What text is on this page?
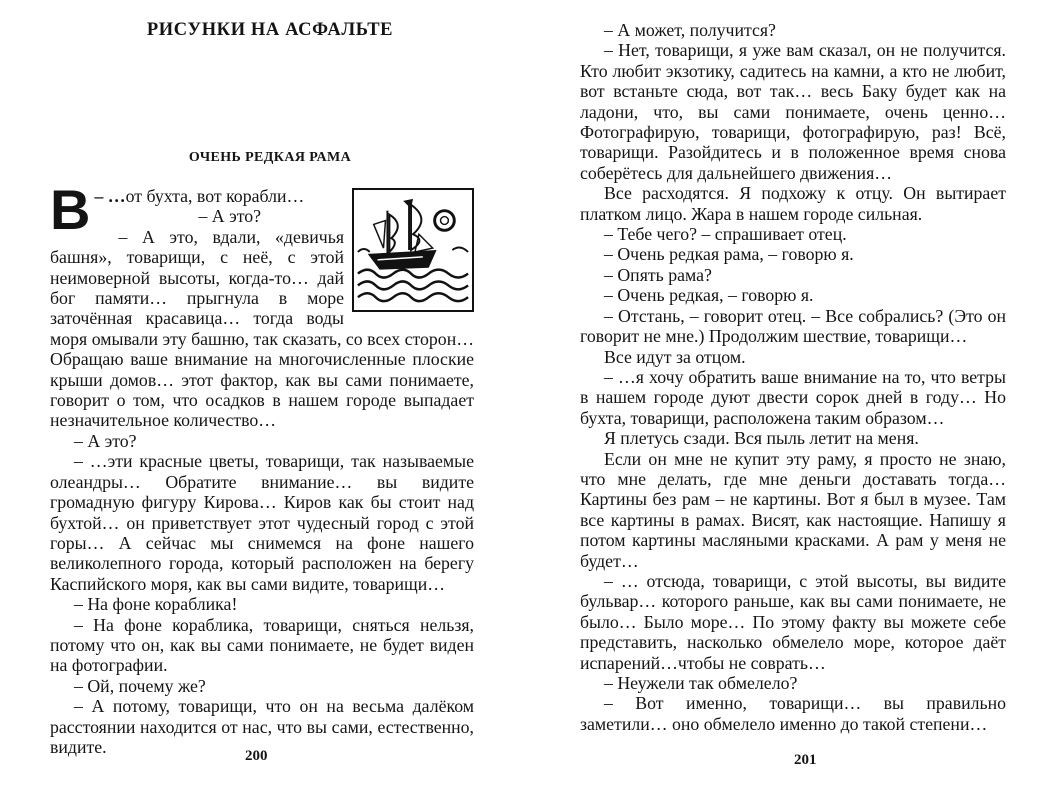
РИСУНКИ НА АСФАЛЬТЕ
ОЧЕНЬ РЕДКАЯ РАМА

– …
В от бухта, вот корабли…

– А это?

– А это, вдали, «девичья башня», товарищи, с неё, с этой неимоверной высоты, когда-то… дай бог памяти… прыгнула в море заточённая красавица… тогда воды моря омывали эту башню, так сказать, со всех сторон… Обращаю ваше внимание на многочисленные плоские крыши домов… этот фактор, как вы сами понимаете, говорит о том, что осадков в нашем городе выпадает незначительное количество…

– А это?

– …эти красные цветы, товарищи, так называемые олеандры… Обратите внимание… вы видите громадную фигуру Кирова… Киров как бы стоит над бухтой… он приветствует этот чудесный город с этой горы… А сейчас мы снимемся на фоне нашего великолепного города, который расположен на берегу Каспийского моря, как вы сами видите, товарищи…

– На фоне кораблика!

– На фоне кораблика, товарищи, сняться нельзя, потому что он, как вы сами понимаете, не будет виден на фотографии.

– Ой, почему же?

– А потому, товарищи, что он на весьма далёком расстоянии находится от нас, что вы сами, естественно, видите.	200

– А может, получится?

– Нет, товарищи, я уже вам сказал, он не получится. Кто любит экзотику, садитесь на камни, а кто не любит, вот встаньте сюда, вот так… весь Баку будет как на ладони, что, вы сами понимаете, очень ценно… Фотографирую, товарищи, фотографирую, раз! Всё, товарищи. Разойдитесь и в положенное время снова соберётесь для дальнейшего движения…

Все расходятся. Я подхожу к отцу. Он вытирает платком лицо. Жара в нашем городе сильная.

– Тебе чего? – спрашивает отец.

– Очень редкая рама, – говорю я.

– Опять рама?

– Очень редкая, – говорю я.

– Отстань, – говорит отец. – Все собрались? (Это он говорит не мне.) Продолжим шествие, товарищи…

Все идут за отцом.

– …я хочу обратить ваше внимание на то, что ветры в нашем городе дуют двести сорок дней в году… Но бухта, товарищи, расположена таким образом…

Я плетусь сзади. Вся пыль летит на меня.

Если он мне не купит эту раму, я просто не знаю, что мне делать, где мне деньги доставать тогда… Картины без рам – не картины. Вот я был в музее. Там все картины в рамах. Висят, как настоящие. Напишу я потом картины масляными красками. А рам у меня не будет…

– … отсюда, товарищи, с этой высоты, вы видите бульвар… которого раньше, как вы сами понимаете, не было… Было море… По этому факту вы можете себе представить, насколько обмелело море, которое даёт испарений…чтобы не соврать…

– Неужели так обмелело?

– Вот именно, товарищи… вы правильно заметили… оно обмелело именно до такой степени…

201
